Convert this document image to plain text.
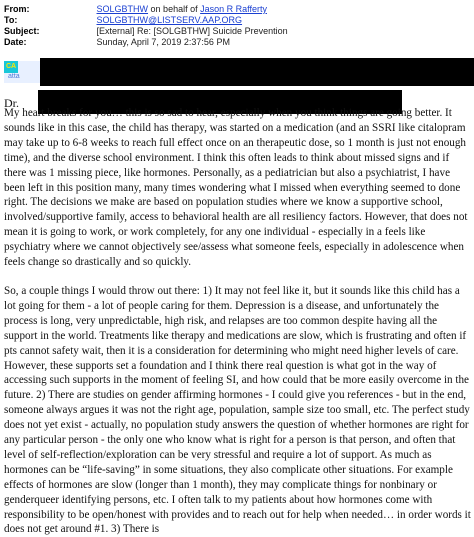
From:	SOLGBTHW on behalf of Jason R Rafferty
To:	SOLGBTHW@LISTSERV.AAP.ORG
Subject:	[External] Re: [SOLGBTHW] Suicide Prevention
Date:	Sunday, April 7, 2019 2:37:56 PM
CA
atta
Dr.

My heart breaks for you… this is so sad to hear, especially when you think things are going better. It sounds like in this case, the child has therapy, was started on a medication (and an SSRI like citalopram may take up to 6-8 weeks to reach full effect once on an therapeutic dose, so 1 month is just not enough time), and the diverse school environment. I think this often leads to think about missed signs and if there was 1 missing piece, like hormones. Personally, as a pediatrician but also a psychiatrist, I have been left in this position many, many times wondering what I missed when everything seemed to done right. The decisions we make are based on population studies where we know a supportive school, involved/supportive family, access to behavioral health are all resiliency factors. However, that does not mean it is going to work, or work completely, for any one individual - especially in a feels like psychiatry where we cannot objectively see/assess what someone feels, especially in adolescence when feels change so drastically and so quickly.

So, a couple things I would throw out there: 1) It may not feel like it, but it sounds like this child has a lot going for them - a lot of people caring for them. Depression is a disease, and unfortunately the process is long, very unpredictable, high risk, and relapses are too common despite having all the support in the world. Treatments like therapy and medications are slow, which is frustrating and often if pts cannot safety wait, then it is a consideration for determining who might need higher levels of care. However, these supports set a foundation and I think there real question is what got in the way of accessing such supports in the moment of feeling SI, and how could that be more easily overcome in the future. 2) There are studies on gender affirming hormones - I could give you references - but in the end, someone always argues it was not the right age, population, sample size too small, etc. The perfect study does not yet exist - actually, no population study answers the question of whether hormones are right for any particular person - the only one who know what is right for a person is that person, and often that level of self-reflection/exploration can be very stressful and require a lot of support. As much as hormones can be “life-saving” in some situations, they also complicate other situations. For example effects of hormones are slow (longer than 1 month), they may complicate things for nonbinary or genderqueer identifying persons, etc. I often talk to my patients about how hormones come with responsibility to be open/honest with provides and to reach out for help when needed… in order words it does not get around #1. 3) There is
